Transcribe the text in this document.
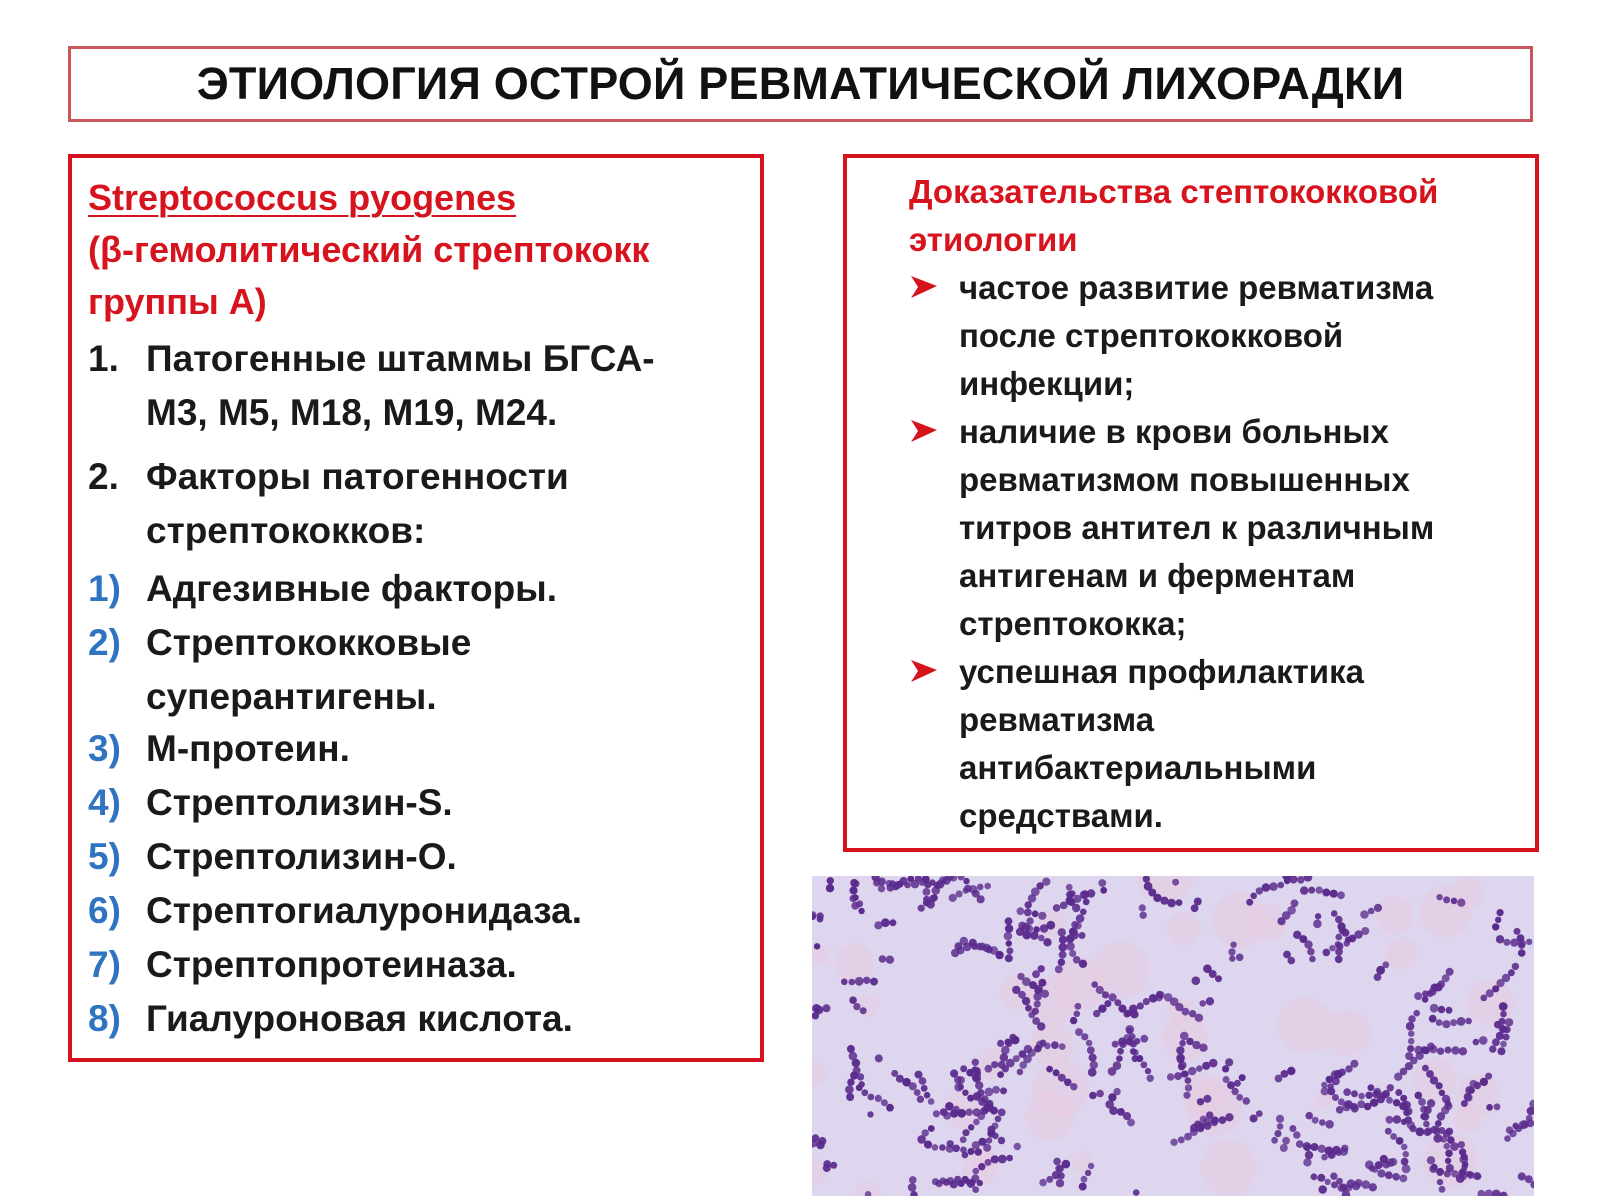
ЭТИОЛОГИЯ ОСТРОЙ РЕВМАТИЧЕСКОЙ ЛИХОРАДКИ
Streptococcus pyogenes
(β-гемолитический стрептококк
группы А)
1. Патогенные штаммы БГСА-
М3, М5, М18, М19, М24.
2. Факторы патогенности
стрептококков:
1) Адгезивные факторы.
2) Стрептококковые
суперантигены.
3) М-протеин.
4) Стрептолизин-S.
5) Стрептолизин-О.
6) Стрептогиалуронидаза.
7) Стрептопротеиназа.
8) Гиалуроновая кислота.
Доказательства стептококковой
этиологии
частое развитие ревматизма
после стрептококковой
инфекции;
наличие в крови больных
ревматизмом повышенных
титров антител к различным
антигенам и ферментам
стрептококка;
успешная профилактика
ревматизма
антибактериальными
средствами.
